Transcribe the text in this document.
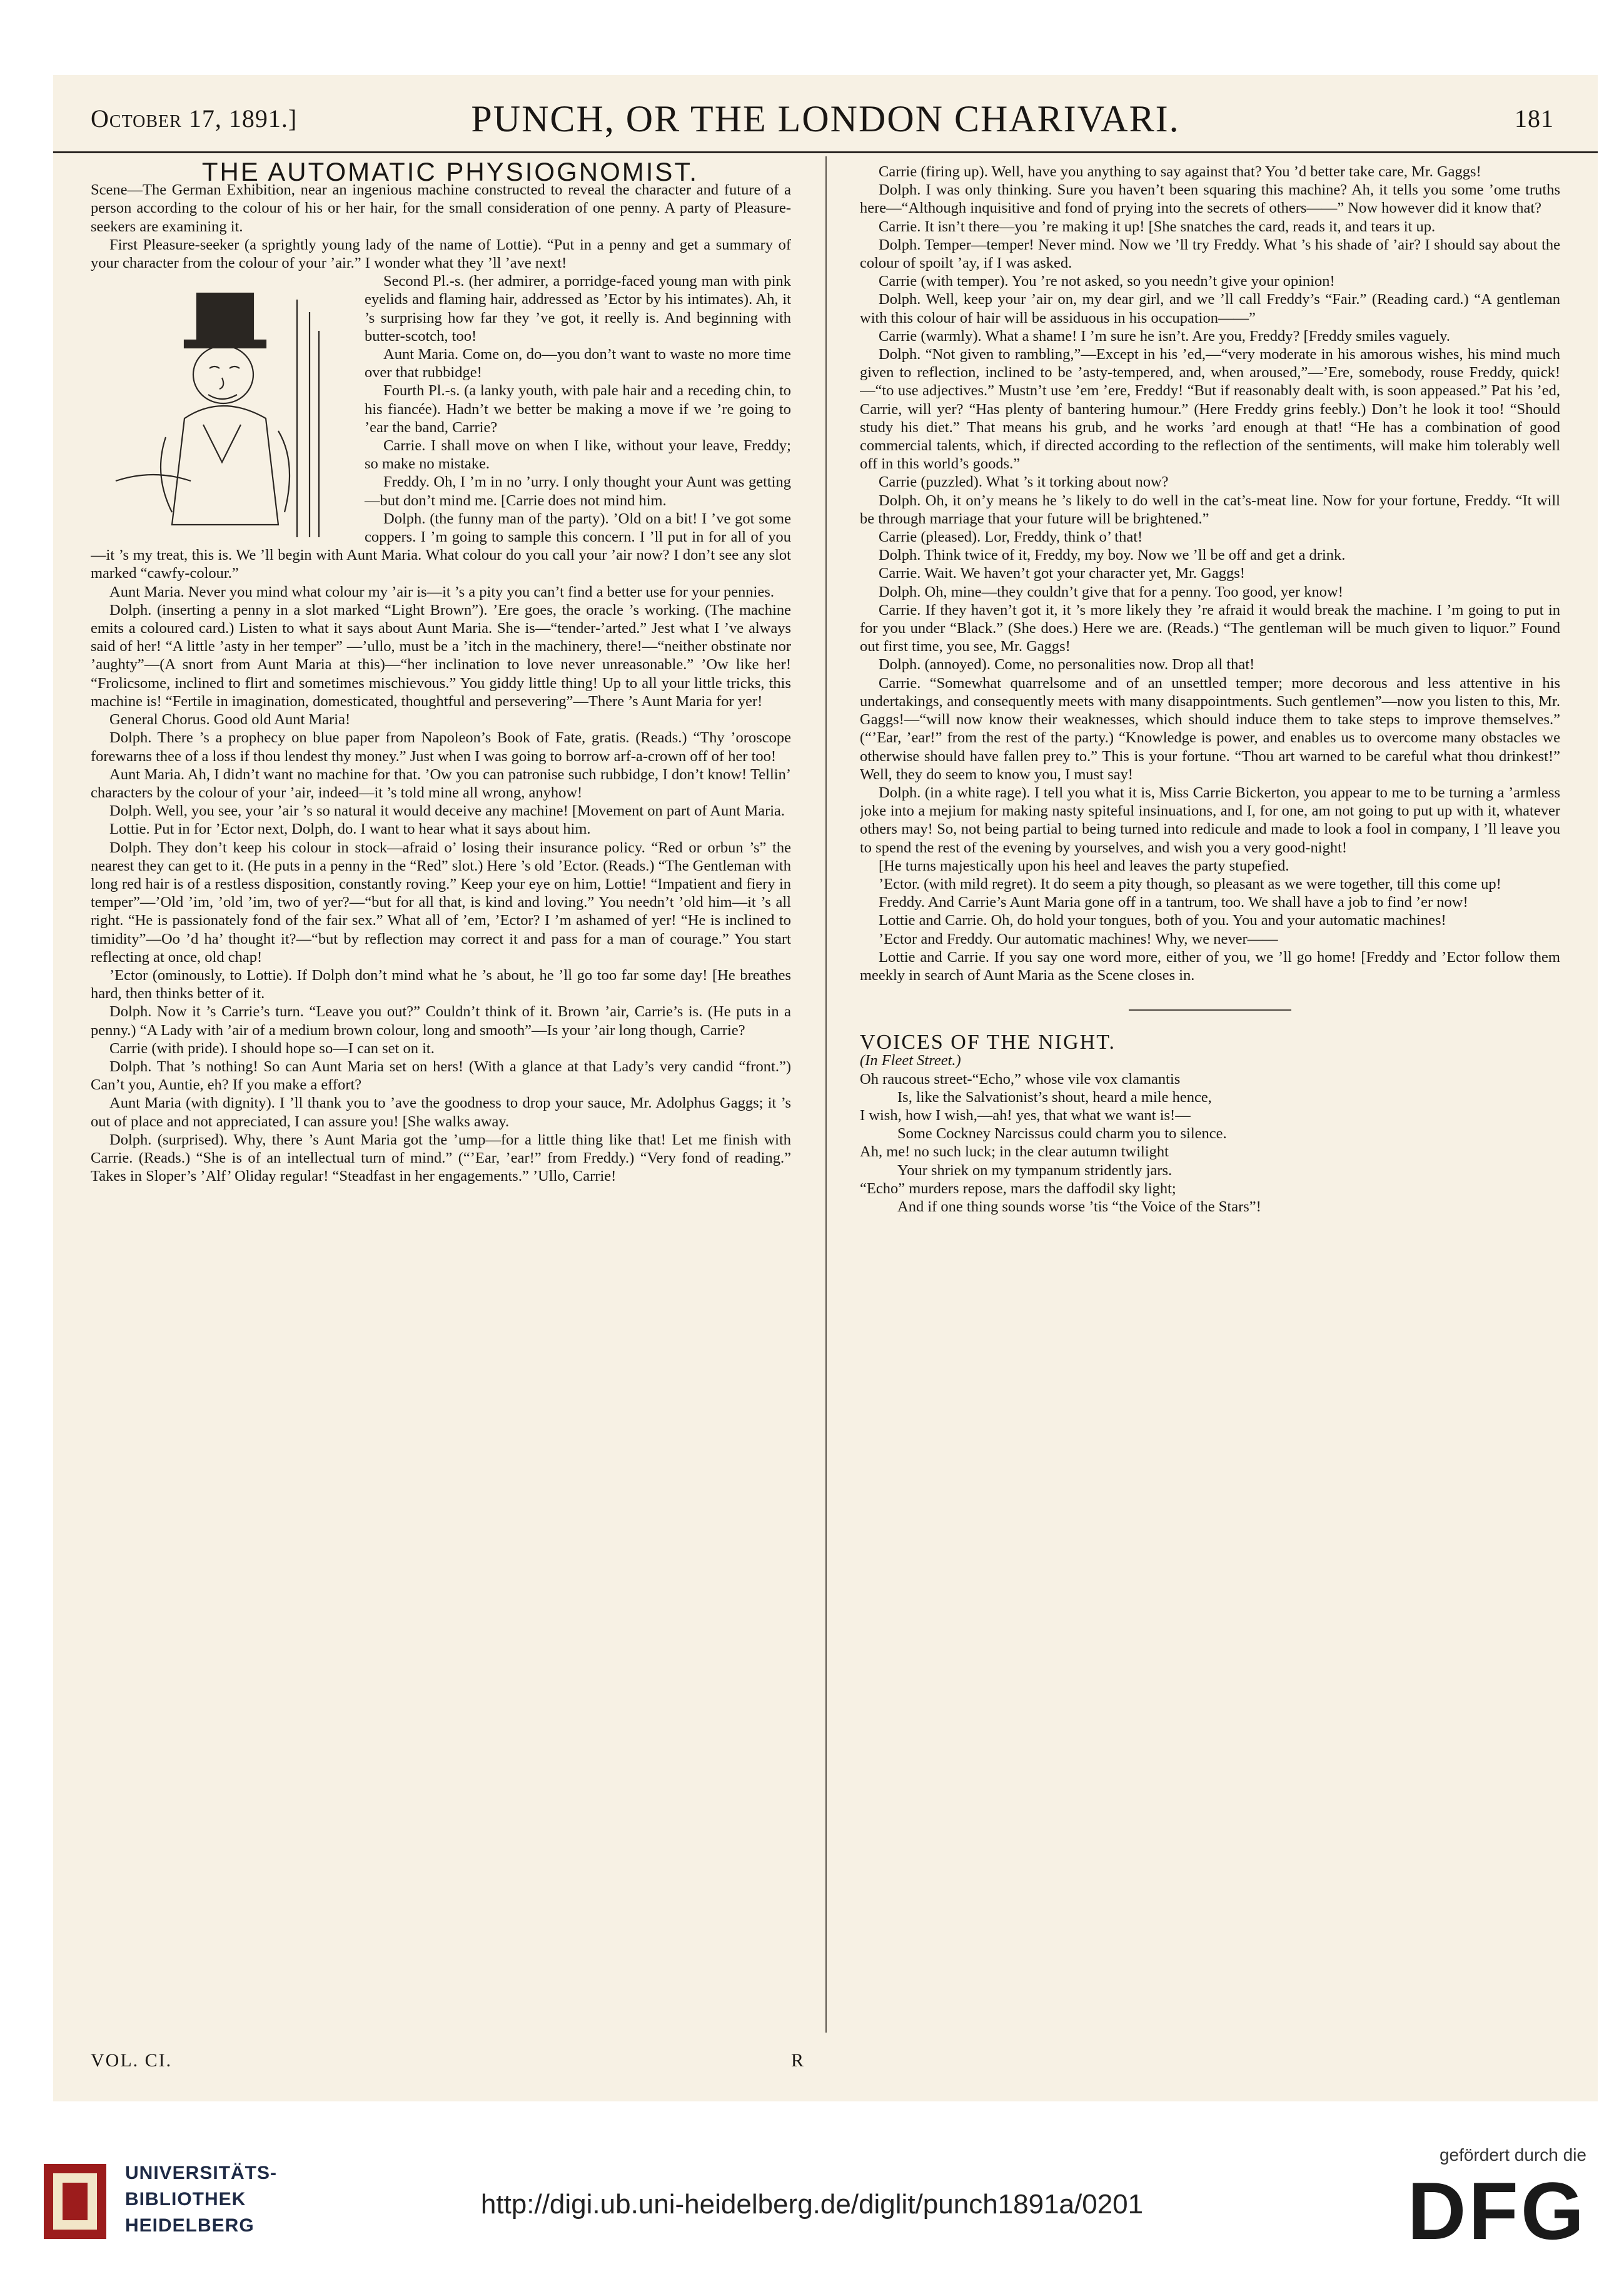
October 17, 1891.]	PUNCH, OR THE LONDON CHARIVARI.	181

THE AUTOMATIC PHYSIOGNOMIST.

Scene—The German Exhibition, near an ingenious machine constructed to reveal the character and future of a person according to the colour of his or her hair, for the small consideration of one penny. A party of Pleasure-seekers are examining it.

First Pleasure-seeker (a sprightly young lady of the name of Lottie). “Put in a penny and get a summary of your character from the colour of your ’air.” I wonder what they ’ll ’ave next!

Second Pl.-s. (her admirer, a porridge-faced young man with pink eyelids and flaming hair, addressed as ’Ector by his intimates). Ah, it ’s surprising how far they ’ve got, it reelly is. And beginning with butter-scotch, too!

Aunt Maria. Come on, do—you don’t want to waste no more time over that rubbidge!

Fourth Pl.-s. (a lanky youth, with pale hair and a receding chin, to his fiancée). Hadn’t we better be making a move if we ’re going to ’ear the band, Carrie?

Carrie. I shall move on when I like, without your leave, Freddy; so make no mistake.

Freddy. Oh, I ’m in no ’urry. I only thought your Aunt was getting—but don’t mind me. [Carrie does not mind him.

Dolph. (the funny man of the party). ’Old on a bit! I ’ve got some coppers. I ’m going to sample this concern. I ’ll put in for all of you—it ’s my treat, this is. We ’ll begin with Aunt Maria. What colour do you call your ’air now? I don’t see any slot marked “cawfy-colour.”

Aunt Maria. Never you mind what colour my ’air is—it ’s a pity you can’t find a better use for your pennies.

Dolph. (inserting a penny in a slot marked “Light Brown”). ’Ere goes, the oracle ’s working. (The machine emits a coloured card.) Listen to what it says about Aunt Maria. She is—“tender-’arted.” Jest what I ’ve always said of her! “A little ’asty in her temper” —’ullo, must be a ’itch in the machinery, there!—“neither obstinate nor ’aughty”—(A snort from Aunt Maria at this)—“her inclination to love never unreasonable.” ’Ow like her! “Frolicsome, inclined to flirt and sometimes mischievous.” You giddy little thing! Up to all your little tricks, this machine is! “Fertile in imagination, domesticated, thoughtful and persevering”—There ’s Aunt Maria for yer!

General Chorus. Good old Aunt Maria!

Dolph. There ’s a prophecy on blue paper from Napoleon’s Book of Fate, gratis. (Reads.) “Thy ’oroscope forewarns thee of a loss if thou lendest thy money.” Just when I was going to borrow arf-a-crown off of her too!

Aunt Maria. Ah, I didn’t want no machine for that. ’Ow you can patronise such rubbidge, I don’t know! Tellin’ characters by the colour of your ’air, indeed—it ’s told mine all wrong, anyhow!

Dolph. Well, you see, your ’air ’s so natural it would deceive any machine! [Movement on part of Aunt Maria.

Lottie. Put in for ’Ector next, Dolph, do. I want to hear what it says about him.

Dolph. They don’t keep his colour in stock—afraid o’ losing their insurance policy. “Red or orbun ’s” the nearest they can get to it. (He puts in a penny in the “Red” slot.) Here ’s old ’Ector. (Reads.) “The Gentleman with long red hair is of a restless disposition, constantly roving.” Keep your eye on him, Lottie! “Impatient and fiery in temper”—’Old ’im, ’old ’im, two of yer?—“but for all that, is kind and loving.” You needn’t ’old him—it ’s all right. “He is passionately fond of the fair sex.” What all of ’em, ’Ector? I ’m ashamed of yer! “He is inclined to timidity”—Oo ’d ha’ thought it?—“but by reflection may correct it and pass for a man of courage.” You start reflecting at once, old chap!

’Ector (ominously, to Lottie). If Dolph don’t mind what he ’s about, he ’ll go too far some day! [He breathes hard, then thinks better of it.

Dolph. Now it ’s Carrie’s turn. “Leave you out?” Couldn’t think of it. Brown ’air, Carrie’s is. (He puts in a penny.) “A Lady with ’air of a medium brown colour, long and smooth”—Is your ’air long though, Carrie?

Carrie (with pride). I should hope so—I can set on it.

Dolph. That ’s nothing! So can Aunt Maria set on hers! (With a glance at that Lady’s very candid “front.”) Can’t you, Auntie, eh? If you make a effort?

Aunt Maria (with dignity). I ’ll thank you to ’ave the goodness to drop your sauce, Mr. Adolphus Gaggs; it ’s out of place and not appreciated, I can assure you! [She walks away.

Dolph. (surprised). Why, there ’s Aunt Maria got the ’ump—for a little thing like that! Let me finish with Carrie. (Reads.) “She is of an intellectual turn of mind.” (“’Ear, ’ear!” from Freddy.) “Very fond of reading.” Takes in Sloper’s ’Alf’ Oliday regular! “Steadfast in her engagements.” ’Ullo, Carrie!

Carrie (firing up). Well, have you anything to say against that? You ’d better take care, Mr. Gaggs!

Dolph. I was only thinking. Sure you haven’t been squaring this machine? Ah, it tells you some ’ome truths here—“Although inquisitive and fond of prying into the secrets of others——” Now however did it know that?

Carrie. It isn’t there—you ’re making it up! [She snatches the card, reads it, and tears it up.

Dolph. Temper—temper! Never mind. Now we ’ll try Freddy. What ’s his shade of ’air? I should say about the colour of spoilt ’ay, if I was asked.

Carrie (with temper). You ’re not asked, so you needn’t give your opinion!

Dolph. Well, keep your ’air on, my dear girl, and we ’ll call Freddy’s “Fair.” (Reading card.) “A gentleman with this colour of hair will be assiduous in his occupation——”

Carrie (warmly). What a shame! I ’m sure he isn’t. Are you, Freddy? [Freddy smiles vaguely.

Dolph. “Not given to rambling,”—Except in his ’ed,—“very moderate in his amorous wishes, his mind much given to reflection, inclined to be ’asty-tempered, and, when aroused,”—’Ere, somebody, rouse Freddy, quick!—“to use adjectives.” Mustn’t use ’em ’ere, Freddy! “But if reasonably dealt with, is soon appeased.” Pat his ’ed, Carrie, will yer? “Has plenty of bantering humour.” (Here Freddy grins feebly.) Don’t he look it too! “Should study his diet.” That means his grub, and he works ’ard enough at that! “He has a combination of good commercial talents, which, if directed according to the reflection of the sentiments, will make him tolerably well off in this world’s goods.”

Carrie (puzzled). What ’s it torking about now?

Dolph. Oh, it on’y means he ’s likely to do well in the cat’s-meat line. Now for your fortune, Freddy. “It will be through marriage that your future will be brightened.”

Carrie (pleased). Lor, Freddy, think o’ that!

Dolph. Think twice of it, Freddy, my boy. Now we ’ll be off and get a drink.

Carrie. Wait. We haven’t got your character yet, Mr. Gaggs!

Dolph. Oh, mine—they couldn’t give that for a penny. Too good, yer know!

Carrie. If they haven’t got it, it ’s more likely they ’re afraid it would break the machine. I ’m going to put in for you under “Black.” (She does.) Here we are. (Reads.) “The gentleman will be much given to liquor.” Found out first time, you see, Mr. Gaggs!

Dolph. (annoyed). Come, no personalities now. Drop all that!

Carrie. “Somewhat quarrelsome and of an unsettled temper; more decorous and less attentive in his undertakings, and consequently meets with many disappointments. Such gentlemen”—now you listen to this, Mr. Gaggs!—“will now know their weaknesses, which should induce them to take steps to improve themselves.” (“’Ear, ’ear!” from the rest of the party.) “Knowledge is power, and enables us to overcome many obstacles we otherwise should have fallen prey to.” This is your fortune. “Thou art warned to be careful what thou drinkest!” Well, they do seem to know you, I must say!

Dolph. (in a white rage). I tell you what it is, Miss Carrie Bickerton, you appear to me to be turning a ’armless joke into a mejium for making nasty spiteful insinuations, and I, for one, am not going to put up with it, whatever others may! So, not being partial to being turned into redicule and made to look a fool in company, I ’ll leave you to spend the rest of the evening by yourselves, and wish you a very good-night!

[He turns majestically upon his heel and leaves the party stupefied.

’Ector. (with mild regret). It do seem a pity though, so pleasant as we were together, till this come up!

Freddy. And Carrie’s Aunt Maria gone off in a tantrum, too. We shall have a job to find ’er now!

Lottie and Carrie. Oh, do hold your tongues, both of you. You and your automatic machines!

’Ector and Freddy. Our automatic machines! Why, we never——

Lottie and Carrie. If you say one word more, either of you, we ’ll go home! [Freddy and ’Ector follow them meekly in search of Aunt Maria as the Scene closes in.

VOICES OF THE NIGHT.

(In Fleet Street.)

Oh raucous street-“Echo,” whose vile vox clamantis

Is, like the Salvationist’s shout, heard a mile hence,

I wish, how I wish,—ah! yes, that what we want is!—

Some Cockney Narcissus could charm you to silence.

Ah, me! no such luck; in the clear autumn twilight

Your shriek on my tympanum stridently jars.

“Echo” murders repose, mars the daffodil sky light;

And if one thing sounds worse ’tis “the Voice of the Stars”!

VOL. CI.	R
UNIVERSITÄTS-
BIBLIOTHEK
HEIDELBERG
http://digi.ub.uni-heidelberg.de/diglit/punch1891a/0201
gefördert durch die
DFG
